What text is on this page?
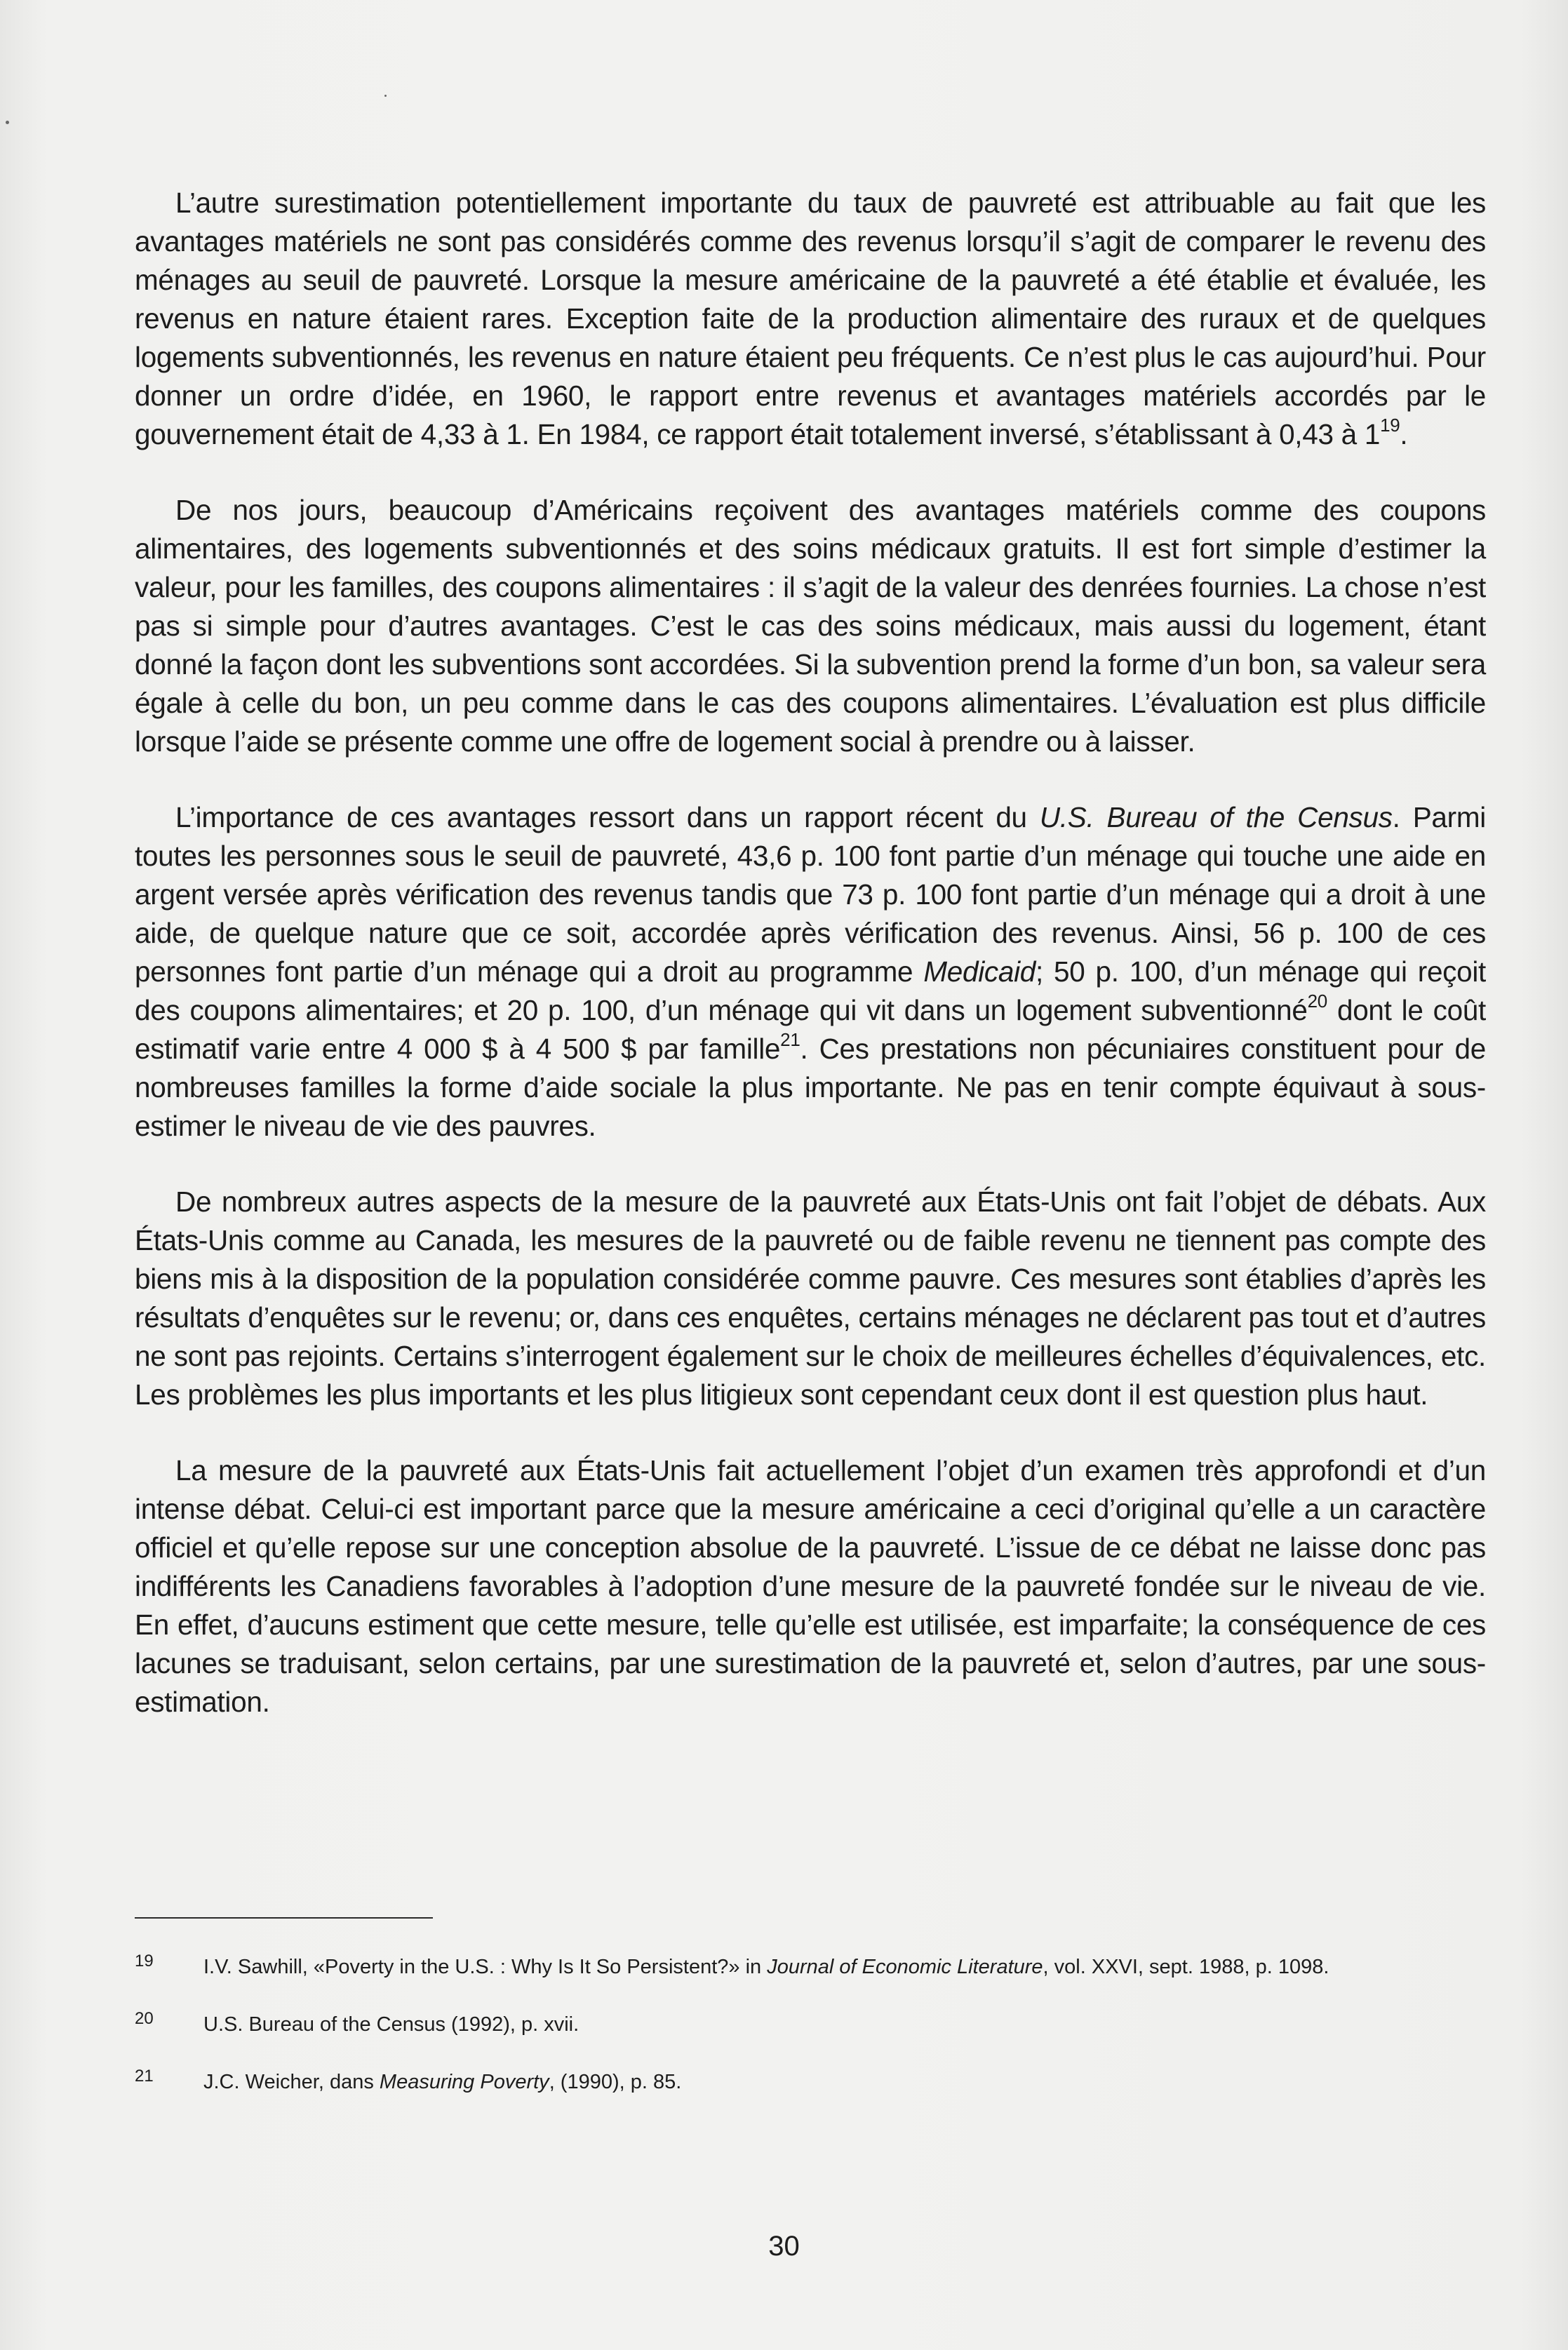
L’autre surestimation potentiellement importante du taux de pauvreté est attribuable au fait que les avantages matériels ne sont pas considérés comme des revenus lorsqu’il s’agit de comparer le revenu des ménages au seuil de pauvreté. Lorsque la mesure américaine de la pauvreté a été établie et évaluée, les revenus en nature étaient rares. Exception faite de la production alimentaire des ruraux et de quelques logements subventionnés, les revenus en nature étaient peu fréquents. Ce n’est plus le cas aujourd’hui. Pour donner un ordre d’idée, en 1960, le rapport entre revenus et avantages matériels accordés par le gouvernement était de 4,33 à 1. En 1984, ce rapport était totalement inversé, s’établissant à 0,43 à $1^{19}$.

De nos jours, beaucoup d’Américains reçoivent des avantages matériels comme des coupons alimentaires, des logements subventionnés et des soins médicaux gratuits. Il est fort simple d’estimer la valeur, pour les familles, des coupons alimentaires : il s’agit de la valeur des denrées fournies. La chose n’est pas si simple pour d’autres avantages. C’est le cas des soins médicaux, mais aussi du logement, étant donné la façon dont les subventions sont accordées. Si la subvention prend la forme d’un bon, sa valeur sera égale à celle du bon, un peu comme dans le cas des coupons alimentaires. L’évaluation est plus difficile lorsque l’aide se présente comme une offre de logement social à prendre ou à laisser.

L’importance de ces avantages ressort dans un rapport récent du U.S. Bureau of the Census. Parmi toutes les personnes sous le seuil de pauvreté, 43,6 p. 100 font partie d’un ménage qui touche une aide en argent versée après vérification des revenus tandis que 73 p. 100 font partie d’un ménage qui a droit à une aide, de quelque nature que ce soit, accordée après vérification des revenus. Ainsi, 56 p. 100 de ces personnes font partie d’un ménage qui a droit au programme Medicaid; 50 p. 100, d’un ménage qui reçoit des coupons alimentaires; et 20 p. 100, d’un ménage qui vit dans un logement subventionné$^{20}$ dont le coût estimatif varie entre 4 000 $ à 4 500 $ par famille$^{21}$. Ces prestations non pécuniaires constituent pour de nombreuses familles la forme d’aide sociale la plus importante. Ne pas en tenir compte équivaut à sous-estimer le niveau de vie des pauvres.

De nombreux autres aspects de la mesure de la pauvreté aux États-Unis ont fait l’objet de débats. Aux États-Unis comme au Canada, les mesures de la pauvreté ou de faible revenu ne tiennent pas compte des biens mis à la disposition de la population considérée comme pauvre. Ces mesures sont établies d’après les résultats d’enquêtes sur le revenu; or, dans ces enquêtes, certains ménages ne déclarent pas tout et d’autres ne sont pas rejoints. Certains s’interrogent également sur le choix de meilleures échelles d’équivalences, etc. Les problèmes les plus importants et les plus litigieux sont cependant ceux dont il est question plus haut.

La mesure de la pauvreté aux États-Unis fait actuellement l’objet d’un examen très approfondi et d’un intense débat. Celui-ci est important parce que la mesure américaine a ceci d’original qu’elle a un caractère officiel et qu’elle repose sur une conception absolue de la pauvreté. L’issue de ce débat ne laisse donc pas indifférents les Canadiens favorables à l’adoption d’une mesure de la pauvreté fondée sur le niveau de vie. En effet, d’aucuns estiment que cette mesure, telle qu’elle est utilisée, est imparfaite; la conséquence de ces lacunes se traduisant, selon certains, par une surestimation de la pauvreté et, selon d’autres, par une sous-estimation.

19 I.V. Sawhill, «Poverty in the U.S. : Why Is It So Persistent?» in Journal of Economic Literature, vol. XXVI, sept. 1988, p. 1098.
20 U.S. Bureau of the Census (1992), p. xvii.
21 J.C. Weicher, dans Measuring Poverty, (1990), p. 85.
30
